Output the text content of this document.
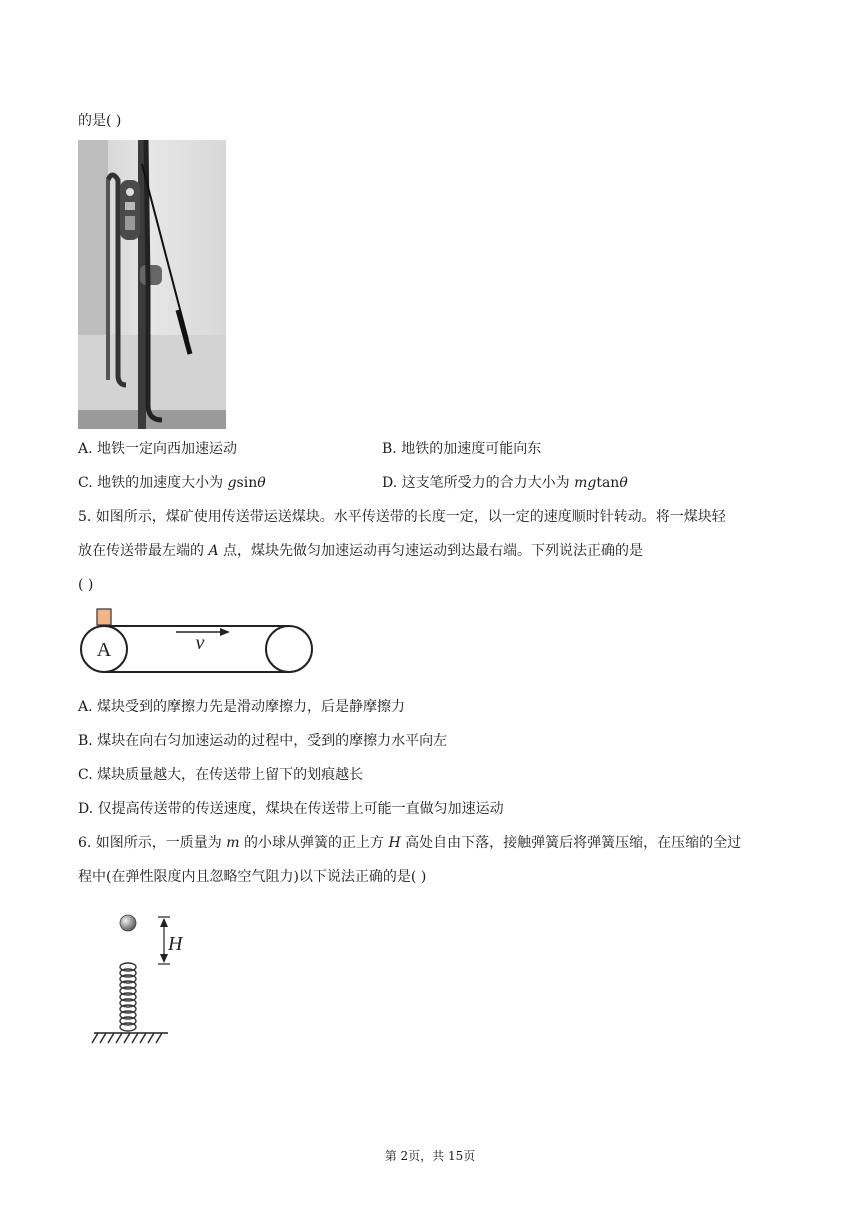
的是( )
A. 地铁一定向西加速运动	B. 地铁的加速度可能向东
C. 地铁的加速度大小为 gsinθ	D. 这支笔所受力的合力大小为 mgtanθ
5. 如图所示，煤矿使用传送带运送煤块。水平传送带的长度一定，以一定的速度顺时针转动。将一煤块轻
放在传送带最左端的 A 点，煤块先做匀加速运动再匀速运动到达最右端。下列说法正确的是
( )
A	v
A. 煤块受到的摩擦力先是滑动摩擦力，后是静摩擦力
B. 煤块在向右匀加速运动的过程中，受到的摩擦力水平向左
C. 煤块质量越大，在传送带上留下的划痕越长
D. 仅提高传送带的传送速度，煤块在传送带上可能一直做匀加速运动
6. 如图所示，一质量为 m 的小球从弹簧的正上方 H 高处自由下落，接触弹簧后将弹簧压缩，在压缩的全过
程中(在弹性限度内且忽略空气阻力)以下说法正确的是( )
H
第 2页，共 15页
